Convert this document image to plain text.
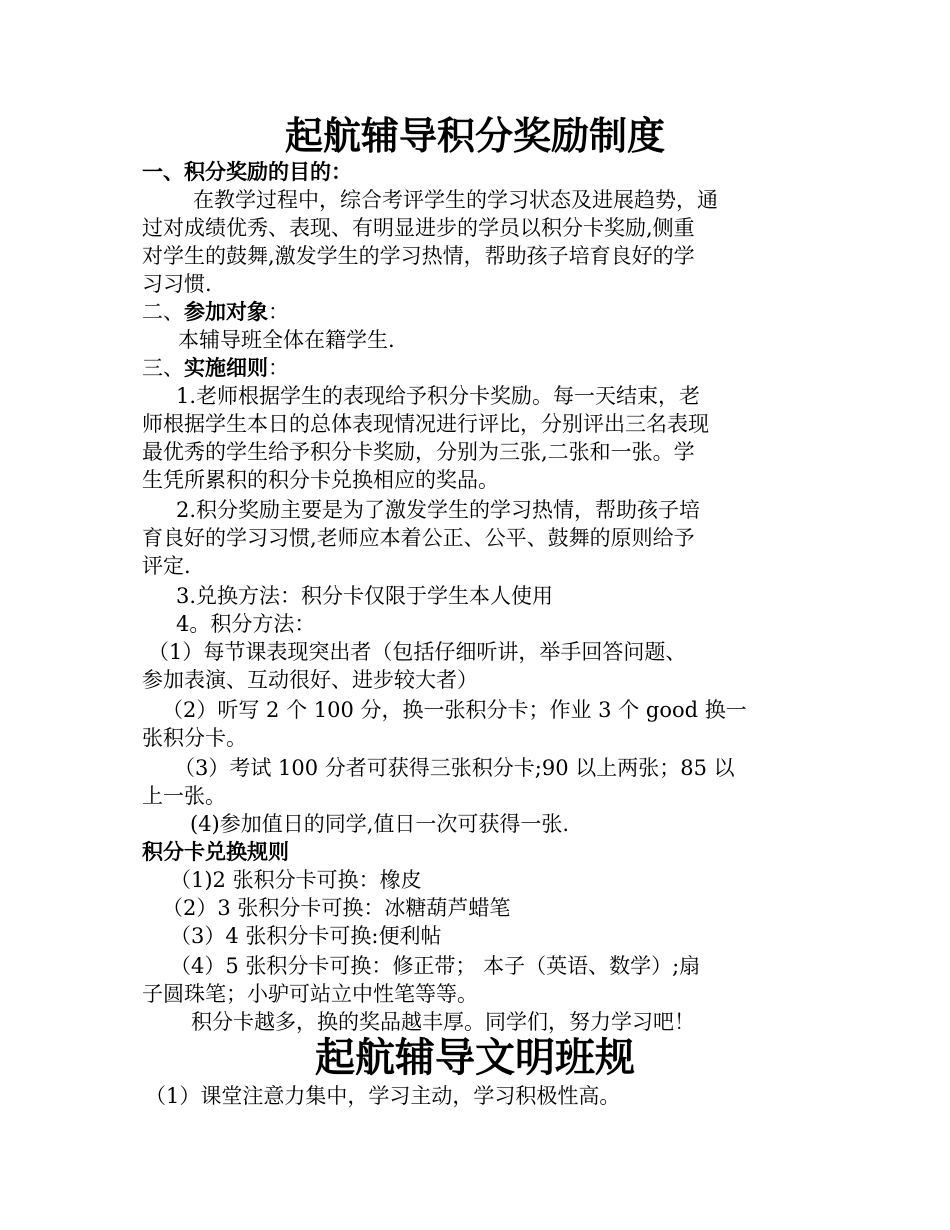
起航辅导积分奖励制度
一、积分奖励的目的：
在教学过程中，综合考评学生的学习状态及进展趋势，通
过对成绩优秀、表现、有明显进步的学员以积分卡奖励,侧重
对学生的鼓舞,激发学生的学习热情，帮助孩子培育良好的学
习习惯.
二、参加对象：
本辅导班全体在籍学生.
三、实施细则：
1.老师根据学生的表现给予积分卡奖励。每一天结束，老
师根据学生本日的总体表现情况进行评比，分别评出三名表现
最优秀的学生给予积分卡奖励，分别为三张,二张和一张。学
生凭所累积的积分卡兑换相应的奖品。
2.积分奖励主要是为了激发学生的学习热情，帮助孩子培
育良好的学习习惯,老师应本着公正、公平、鼓舞的原则给予
评定.
3.兑换方法：积分卡仅限于学生本人使用
4。积分方法：
（1）每节课表现突出者（包括仔细听讲，举手回答问题、
参加表演、互动很好、进步较大者）
（2）听写 2 个 100 分，换一张积分卡；作业 3 个 good 换一
张积分卡。
（3）考试 100 分者可获得三张积分卡;90 以上两张；85 以
上一张。
(4)参加值日的同学,值日一次可获得一张.
积分卡兑换规则
（1)2 张积分卡可换：橡皮
（2）3 张积分卡可换：冰糖葫芦蜡笔
（3）4 张积分卡可换:便利帖
（4）5 张积分卡可换：修正带； 本子（英语、数学）;扇
子圆珠笔；小驴可站立中性笔等等。
积分卡越多，换的奖品越丰厚。同学们，努力学习吧！
起航辅导文明班规
（1）课堂注意力集中，学习主动，学习积极性高。
